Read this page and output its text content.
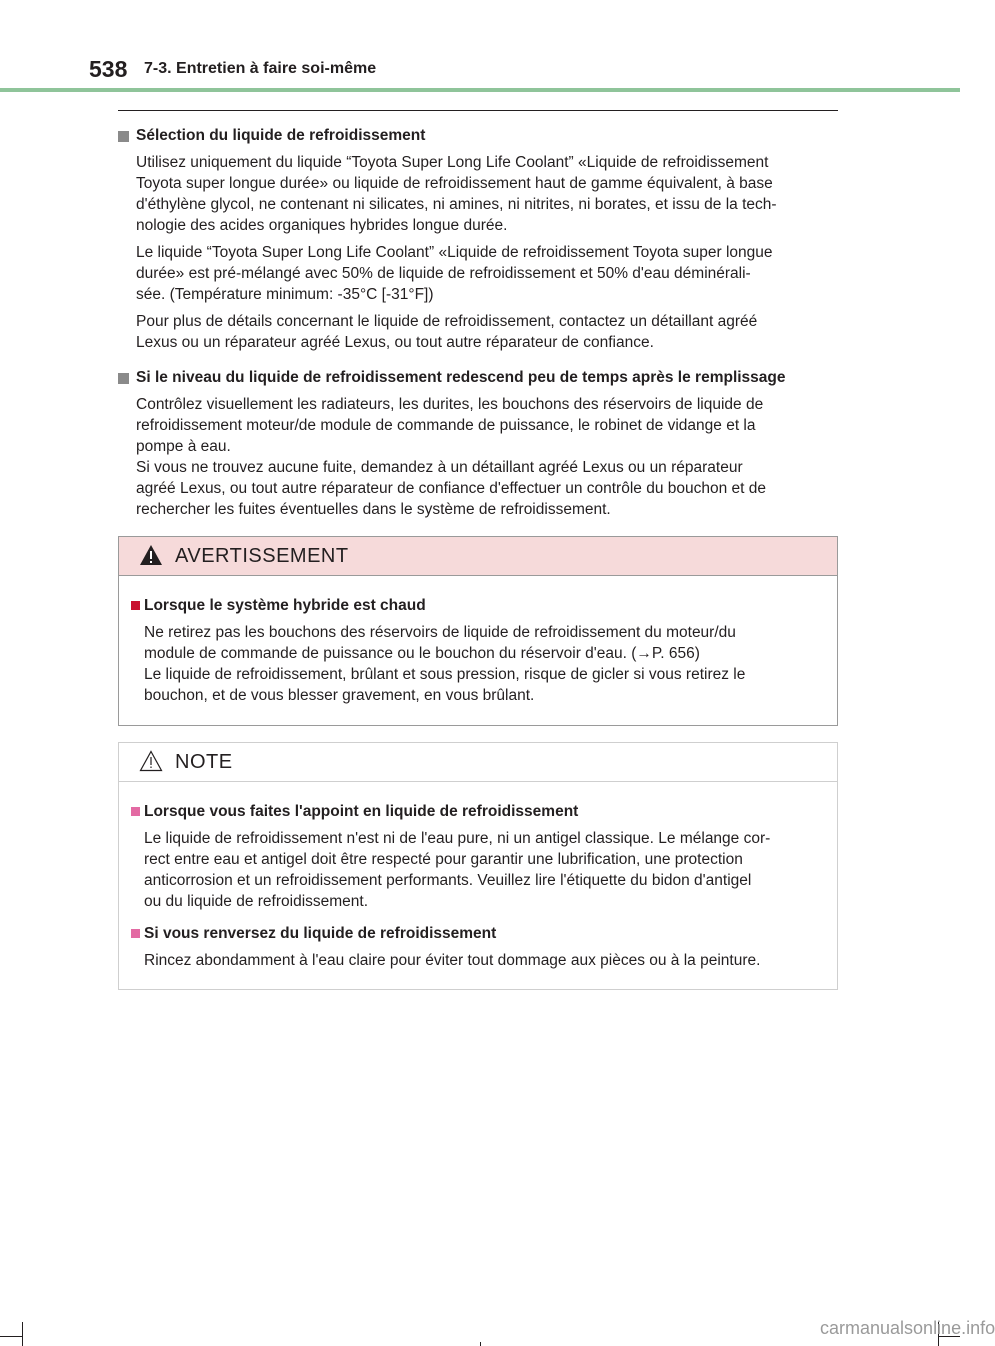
538 7-3. Entretien à faire soi-même
Sélection du liquide de refroidissement
Utilisez uniquement du liquide “Toyota Super Long Life Coolant” «Liquide de refroidissement
Toyota super longue durée» ou liquide de refroidissement haut de gamme équivalent, à base
d'éthylène glycol, ne contenant ni silicates, ni amines, ni nitrites, ni borates, et issu de la tech-
nologie des acides organiques hybrides longue durée.
Le liquide “Toyota Super Long Life Coolant” «Liquide de refroidissement Toyota super longue
durée» est pré-mélangé avec 50% de liquide de refroidissement et 50% d'eau déminérali-
sée. (Température minimum: -35°C [-31°F])
Pour plus de détails concernant le liquide de refroidissement, contactez un détaillant agréé
Lexus ou un réparateur agréé Lexus, ou tout autre réparateur de confiance.
Si le niveau du liquide de refroidissement redescend peu de temps après le remplissage
Contrôlez visuellement les radiateurs, les durites, les bouchons des réservoirs de liquide de
refroidissement moteur/de module de commande de puissance, le robinet de vidange et la
pompe à eau.
Si vous ne trouvez aucune fuite, demandez à un détaillant agréé Lexus ou un réparateur
agréé Lexus, ou tout autre réparateur de confiance d'effectuer un contrôle du bouchon et de
rechercher les fuites éventuelles dans le système de refroidissement.
AVERTISSEMENT
Lorsque le système hybride est chaud
Ne retirez pas les bouchons des réservoirs de liquide de refroidissement du moteur/du
module de commande de puissance ou le bouchon du réservoir d'eau. (→P. 656)
Le liquide de refroidissement, brûlant et sous pression, risque de gicler si vous retirez le
bouchon, et de vous blesser gravement, en vous brûlant.
NOTE
Lorsque vous faites l'appoint en liquide de refroidissement
Le liquide de refroidissement n'est ni de l'eau pure, ni un antigel classique. Le mélange cor-
rect entre eau et antigel doit être respecté pour garantir une lubrification, une protection
anticorrosion et un refroidissement performants. Veuillez lire l'étiquette du bidon d'antigel
ou du liquide de refroidissement.
Si vous renversez du liquide de refroidissement
Rincez abondamment à l'eau claire pour éviter tout dommage aux pièces ou à la peinture.
carmanualsonline.info
